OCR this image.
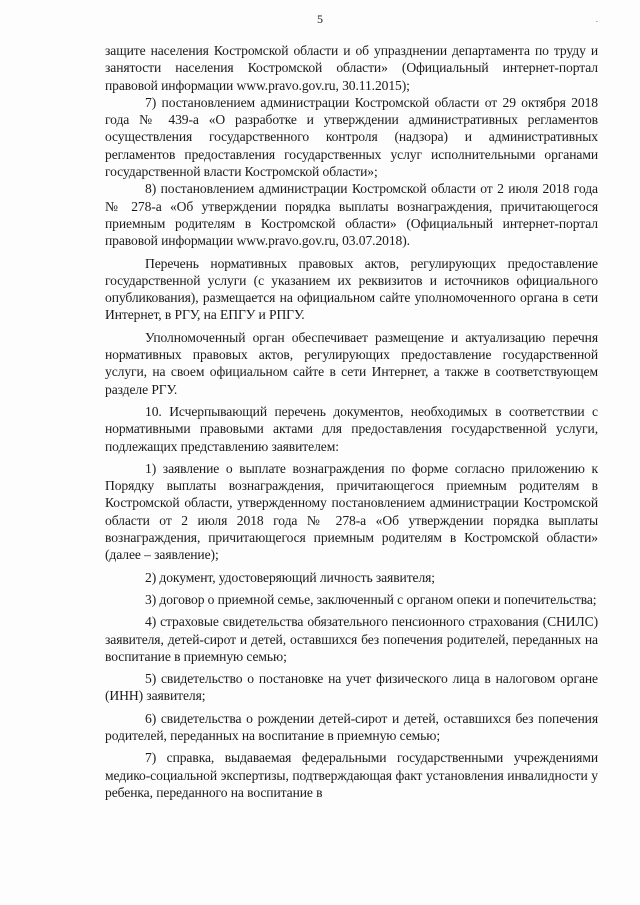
5	.

защите населения Костромской области и об упразднении департамента по труду и занятости населения Костромской области» (Официальный интернет-портал правовой информации www.pravo.gov.ru, 30.11.2015);

7) постановлением администрации Костромской области от 29 октября 2018 года № 439-а «О разработке и утверждении административных регламентов осуществления государственного контроля (надзора) и административных регламентов предоставления государственных услуг исполнительными органами государственной власти Костромской области»;

8) постановлением администрации Костромской области от 2 июля 2018 года № 278-а «Об утверждении порядка выплаты вознаграждения, причитающегося приемным родителям в Костромской области» (Официальный интернет-портал правовой информации www.pravo.gov.ru, 03.07.2018).

Перечень нормативных правовых актов, регулирующих предоставление государственной услуги (с указанием их реквизитов и источников официального опубликования), размещается на официальном сайте уполномоченного органа в сети Интернет, в РГУ, на ЕПГУ и РПГУ.

Уполномоченный орган обеспечивает размещение и актуализацию перечня нормативных правовых актов, регулирующих предоставление государственной услуги, на своем официальном сайте в сети Интернет, а также в соответствующем разделе РГУ.

10. Исчерпывающий перечень документов, необходимых в соответствии с нормативными правовыми актами для предоставления государственной услуги, подлежащих представлению заявителем:

1) заявление о выплате вознаграждения по форме согласно приложению к Порядку выплаты вознаграждения, причитающегося приемным родителям в Костромской области, утвержденному постановлением администрации Костромской области от 2 июля 2018 года № 278-а «Об утверждении порядка выплаты вознаграждения, причитающегося приемным родителям в Костромской области» (далее – заявление);

2) документ, удостоверяющий личность заявителя;

3) договор о приемной семье, заключенный с органом опеки и попечительства;

4) страховые свидетельства обязательного пенсионного страхования (СНИЛС) заявителя, детей-сирот и детей, оставшихся без попечения родителей, переданных на воспитание в приемную семью;

5) свидетельство о постановке на учет физического лица в налоговом органе (ИНН) заявителя;

6) свидетельства о рождении детей-сирот и детей, оставшихся без попечения родителей, переданных на воспитание в приемную семью;

7) справка, выдаваемая федеральными государственными учреждениями медико-социальной экспертизы, подтверждающая факт установления инвалидности у ребенка, переданного на воспитание в
